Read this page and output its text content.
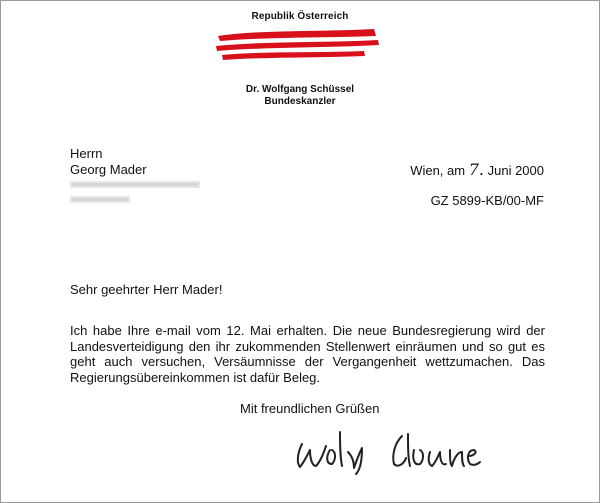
Republik Österreich
Dr. Wolfgang Schüssel
Bundeskanzler
Herrn
Georg Mader	Wien, am 7. Juni 2000
GZ 5899-KB/00-MF
Sehr geehrter Herr Mader!
Ich habe Ihre e-mail vom 12. Mai erhalten. Die neue Bundesregierung wird der Landesverteidigung den ihr zukommenden Stellenwert einräumen und so gut es geht auch versuchen, Versäumnisse der Vergangenheit wettzumachen. Das Regierungsübereinkommen ist dafür Beleg.
Mit freundlichen Grüßen
